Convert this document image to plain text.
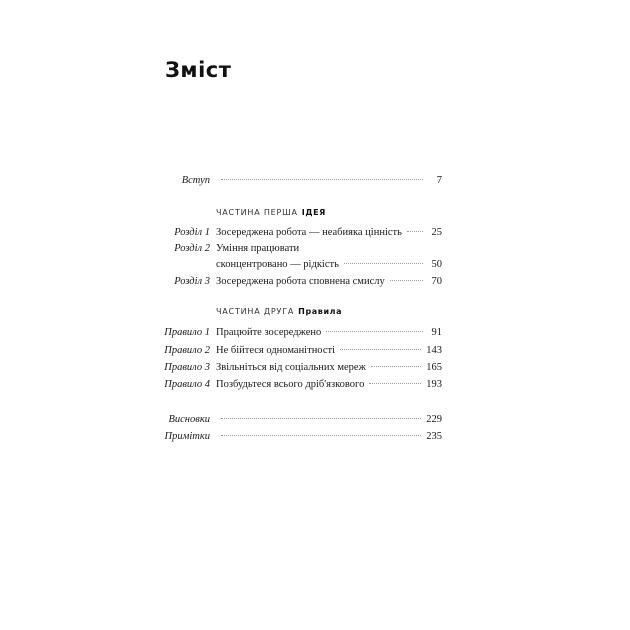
Зміст
Вступ	7
ЧАСТИНА ПЕРША ІДЕЯ
Розділ 1 Зосереджена робота — неабияка цінність	25
Розділ 2 Уміння працювати
сконцентровано — рідкість	50
Розділ 3 Зосереджена робота сповнена смислу	70
ЧАСТИНА ДРУГА Правила
Правило 1 Працюйте зосереджено	91
Правило 2 Не бійтеся одноманітності	143
Правило 3 Звільніться від соціальних мереж	165
Правило 4 Позбудьтеся всього дріб'язкового	193
Висновки	229
Примітки	235
